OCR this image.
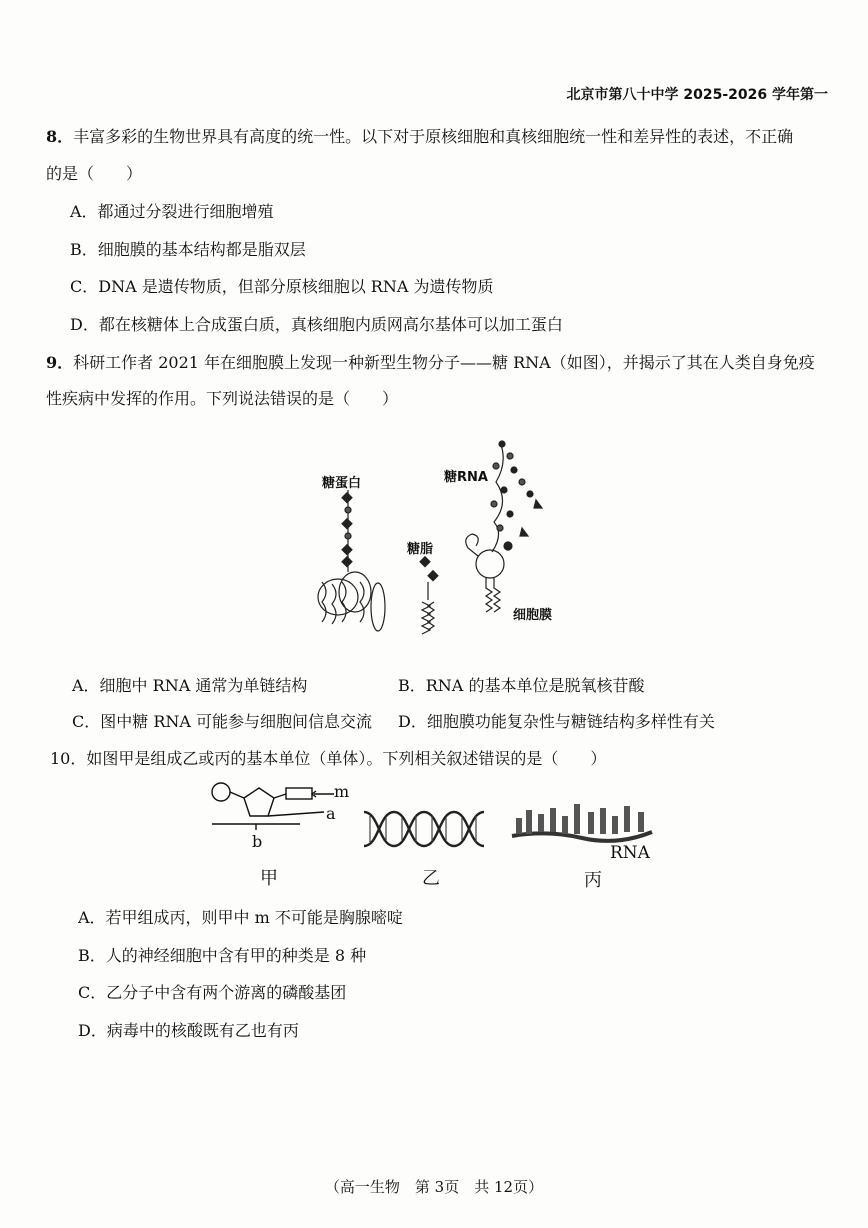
北京市第八十中学 2025-2026 学年第一
8．丰富多彩的生物世界具有高度的统一性。以下对于原核细胞和真核细胞统一性和差异性的表述，不正确
的是（　　）
A．都通过分裂进行细胞增殖
B．细胞膜的基本结构都是脂双层
C．DNA 是遗传物质，但部分原核细胞以 RNA 为遗传物质
D．都在核糖体上合成蛋白质，真核细胞内质网高尔基体可以加工蛋白
9．科研工作者 2021 年在细胞膜上发现一种新型生物分子——糖 RNA（如图），并揭示了其在人类自身免疫
性疾病中发挥的作用。下列说法错误的是（　　）
糖蛋白
糖脂
糖RNA
细胞膜
A．细胞中 RNA 通常为单链结构	B．RNA 的基本单位是脱氧核苷酸
C．图中糖 RNA 可能参与细胞间信息交流 D．细胞膜功能复杂性与糖链结构多样性有关
10．如图甲是组成乙或丙的基本单位（单体）。下列相关叙述错误的是（　　）
m
a
b
RNA
甲	乙	丙
A．若甲组成丙，则甲中 m 不可能是胸腺嘧啶
B．人的神经细胞中含有甲的种类是 8 种
C．乙分子中含有两个游离的磷酸基团
D．病毒中的核酸既有乙也有丙
（高一生物　第 3页　共 12页）
